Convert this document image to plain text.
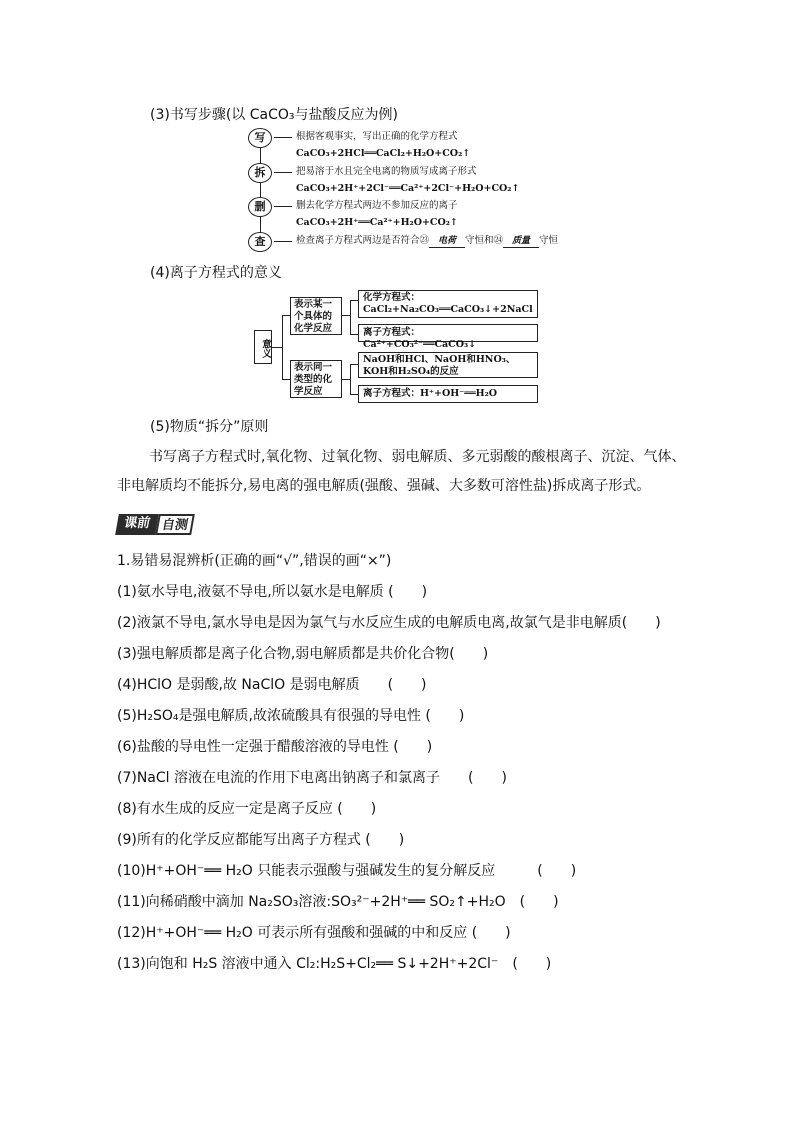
(3)书写步骤(以 CaCO₃与盐酸反应为例)
写	根据客观事实，写出正确的化学方程式
CaCO₃+2HCl══CaCl₂+H₂O+CO₂↑
拆	把易溶于水且完全电离的物质写成离子形式
CaCO₃+2H⁺+2Cl⁻══Ca²⁺+2Cl⁻+H₂O+CO₂↑
删	删去化学方程式两边不参加反应的离子
CaCO₃+2H⁺══Ca²⁺+H₂O+CO₂↑
查	检查离子方程式两边是否符合㉓ 电荷 守恒和㉔ 质量 守恒
(4)离子方程式的意义
意义
表示某一个具体的化学反应
化学方程式：CaCl₂+Na₂CO₃══CaCO₃↓+2NaCl
离子方程式：Ca²⁺+CO₃²⁻══CaCO₃↓
表示同一类型的化学反应
NaOH和HCl、NaOH和HNO₃、KOH和H₂SO₄的反应
离子方程式：H⁺+OH⁻══H₂O
(5)物质“拆分”原则
书写离子方程式时,氧化物、过氧化物、弱电解质、多元弱酸的酸根离子、沉淀、气体、非电解质均不能拆分,易电离的强电解质(强酸、强碱、大多数可溶性盐)拆成离子形式。
课前 自测
1.易错易混辨析(正确的画“√”,错误的画“×”)
(1)氨水导电,液氨不导电,所以氨水是电解质 (　　)
(2)液氯不导电,氯水导电是因为氯气与水反应生成的电解质电离,故氯气是非电解质(　　)
(3)强电解质都是离子化合物,弱电解质都是共价化合物(　　)
(4)HClO 是弱酸,故 NaClO 是弱电解质　　(　　)
(5)H₂SO₄是强电解质,故浓硫酸具有很强的导电性 (　　)
(6)盐酸的导电性一定强于醋酸溶液的导电性 (　　)
(7)NaCl 溶液在电流的作用下电离出钠离子和氯离子　　(　　)
(8)有水生成的反应一定是离子反应 (　　)
(9)所有的化学反应都能写出离子方程式 (　　)
(10)H⁺+OH⁻══ H₂O 只能表示强酸与强碱发生的复分解反应　　　(　　)
(11)向稀硝酸中滴加 Na₂SO₃溶液:SO₃²⁻+2H⁺══ SO₂↑+H₂O　(　　)
(12)H⁺+OH⁻══ H₂O 可表示所有强酸和强碱的中和反应 (　　)
(13)向饱和 H₂S 溶液中通入 Cl₂:H₂S+Cl₂══ S↓+2H⁺+2Cl⁻　(　　)
